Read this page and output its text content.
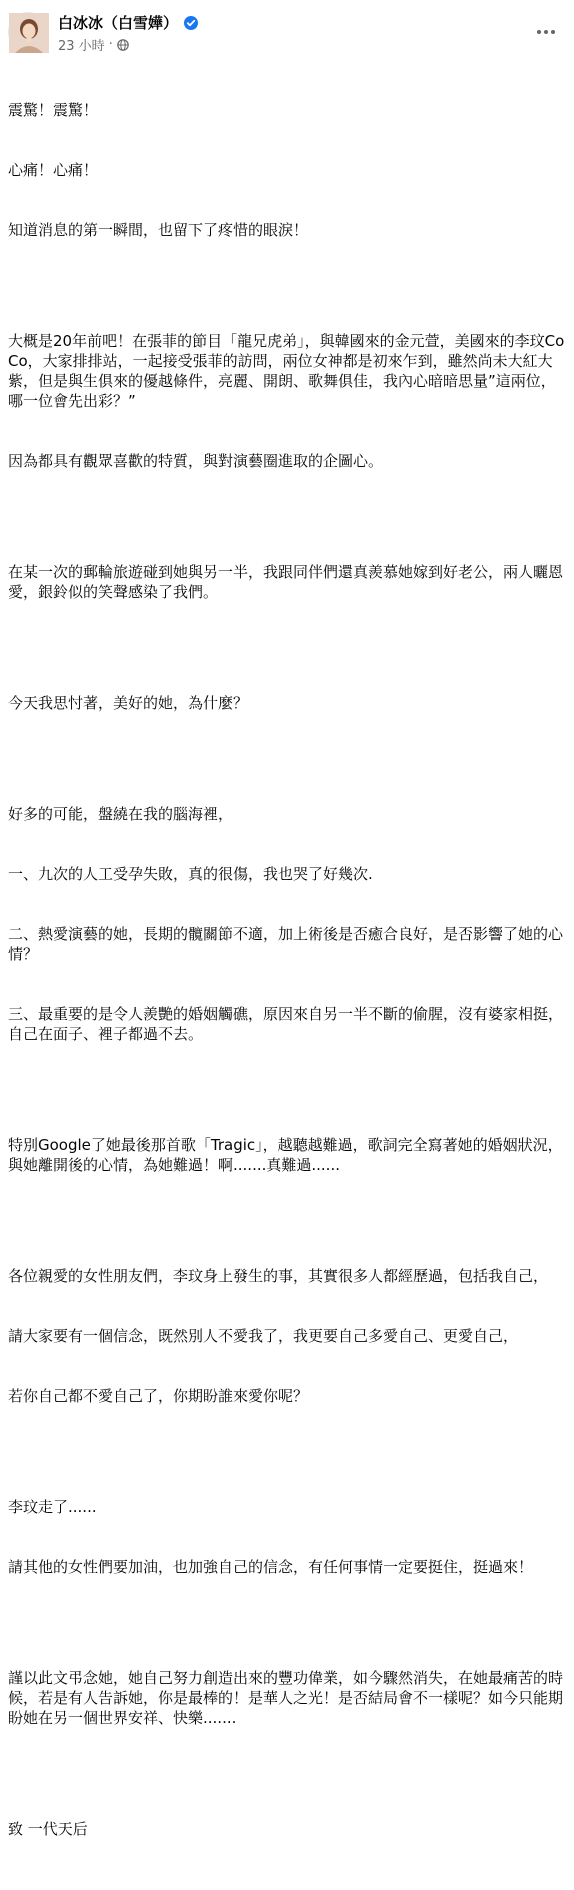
白冰冰（白雪嬅）
23 小時 ·

震驚！震驚！

心痛！心痛！

知道消息的第一瞬間，也留下了疼惜的眼淚！

大概是20年前吧！在張菲的節目「龍兄虎弟」，與韓國來的金元萱，美國來的李玟CoCo，大家排排站，一起接受張菲的訪問，兩位女神都是初來乍到，雖然尚未大紅大紫，但是與生俱來的優越條件，亮麗、開朗、歌舞俱佳，我內心暗暗思量”這兩位，哪一位會先出彩？”

因為都具有觀眾喜歡的特質，與對演藝圈進取的企圖心。

在某一次的郵輪旅遊碰到她與另一半，我跟同伴們還真羨慕她嫁到好老公，兩人曬恩愛，銀鈴似的笑聲感染了我們。

今天我思忖著，美好的她，為什麼？

好多的可能，盤繞在我的腦海裡，

一、九次的人工受孕失敗，真的很傷，我也哭了好幾次.

二、熱愛演藝的她，長期的髖關節不適，加上術後是否癒合良好，是否影響了她的心情？

三、最重要的是令人羨艷的婚姻觸礁，原因來自另一半不斷的偷腥，沒有婆家相挺，自己在面子、裡子都過不去。

特別Google了她最後那首歌「Tragic」，越聽越難過，歌詞完全寫著她的婚姻狀況，與她離開後的心情，為她難過！啊.......真難過......

各位親愛的女性朋友們，李玟身上發生的事，其實很多人都經歷過，包括我自己，

請大家要有一個信念，既然別人不愛我了，我更要自己多愛自己、更愛自己，

若你自己都不愛自己了，你期盼誰來愛你呢？

李玟走了......

請其他的女性們要加油，也加強自己的信念，有任何事情一定要挺住，挺過來！

謹以此文弔念她，她自己努力創造出來的豐功偉業，如今驟然消失，在她最痛苦的時候，若是有人告訴她，你是最棒的！是華人之光！是否結局會不一樣呢？如今只能期盼她在另一個世界安祥、快樂.......

致 一代天后
